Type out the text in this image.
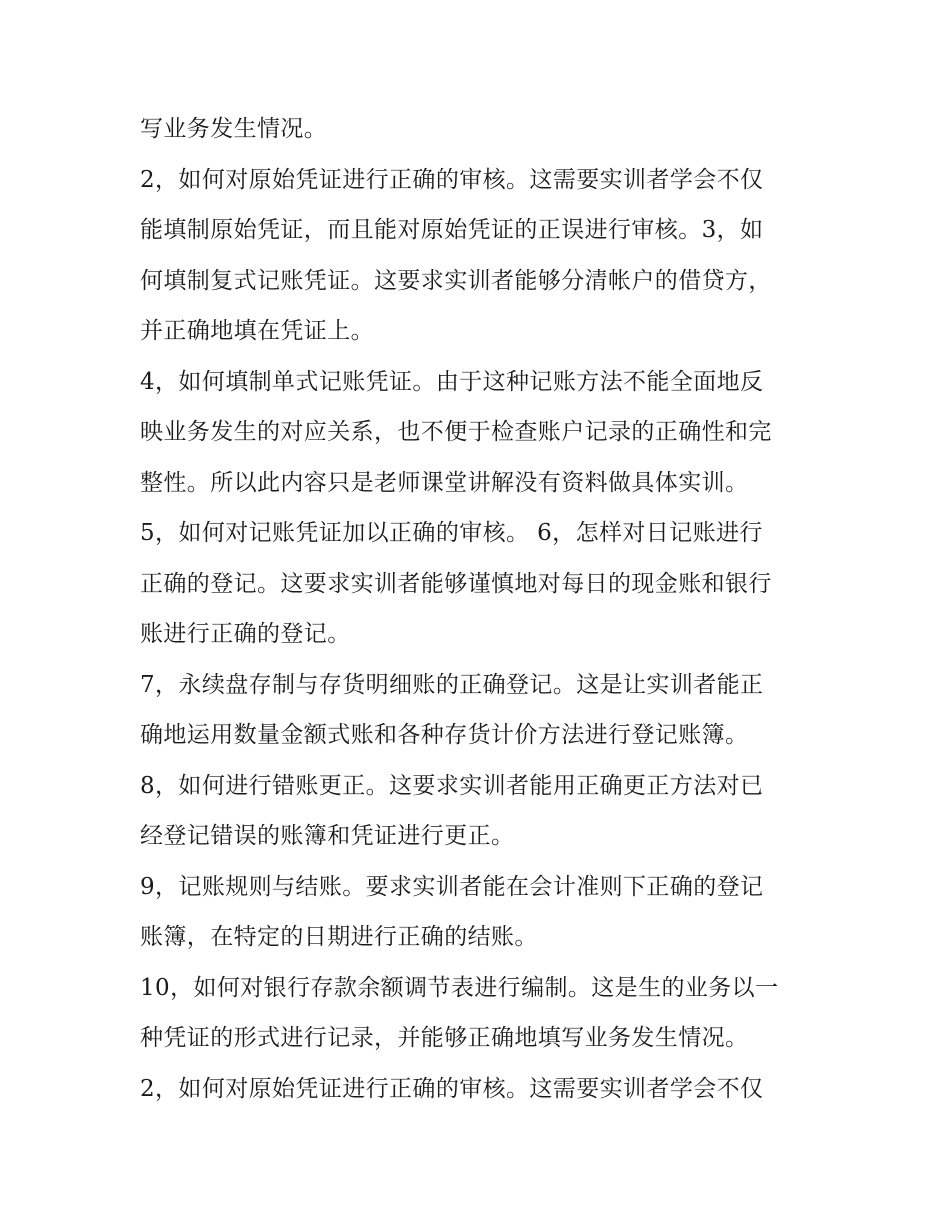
写业务发生情况。
2，如何对原始凭证进行正确的审核。这需要实训者学会不仅
能填制原始凭证，而且能对原始凭证的正误进行审核。3，如
何填制复式记账凭证。这要求实训者能够分清帐户的借贷方，
并正确地填在凭证上。
4，如何填制单式记账凭证。由于这种记账方法不能全面地反
映业务发生的对应关系，也不便于检查账户记录的正确性和完
整性。所以此内容只是老师课堂讲解没有资料做具体实训。
5，如何对记账凭证加以正确的审核。 6，怎样对日记账进行
正确的登记。这要求实训者能够谨慎地对每日的现金账和银行
账进行正确的登记。
7，永续盘存制与存货明细账的正确登记。这是让实训者能正
确地运用数量金额式账和各种存货计价方法进行登记账簿。
8，如何进行错账更正。这要求实训者能用正确更正方法对已
经登记错误的账簿和凭证进行更正。
9，记账规则与结账。要求实训者能在会计准则下正确的登记
账簿，在特定的日期进行正确的结账。
10，如何对银行存款余额调节表进行编制。这是生的业务以一
种凭证的形式进行记录，并能够正确地填写业务发生情况。
2，如何对原始凭证进行正确的审核。这需要实训者学会不仅
